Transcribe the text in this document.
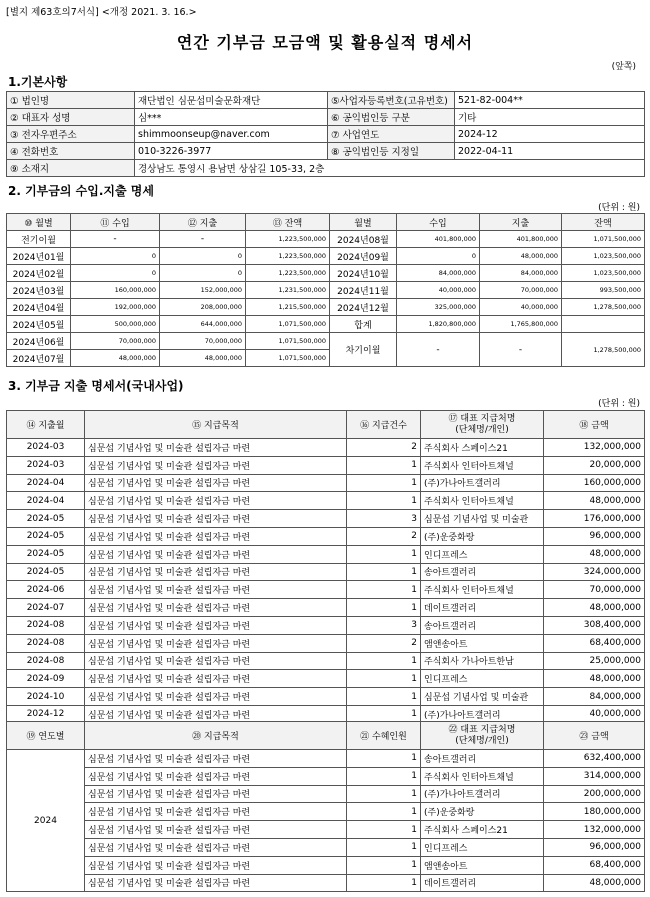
[별지 제63호의7서식] <개정 2021. 3. 16.>
연간 기부금 모금액 및 활용실적 명세서
(앞쪽)
1.기본사항
① 법인명	재단법인 심문섭미술문화재단	⑤사업자등록번호(고유번호)	521-82-004**
② 대표자 성명	심***	⑥ 공익법인등 구분	기타
③ 전자우편주소	shimmoonseup@naver.com	⑦ 사업연도	2024-12
④ 전화번호	010-3226-3977	⑧ 공익법인등 지정일	2022-04-11
⑨ 소재지	경상남도 통영시 용남면 상삼길 105-33, 2층		
2. 기부금의 수입.지출 명세
(단위 : 원)
⑩ 월별	⑪ 수입	⑫ 지출	⑬ 잔액	월별	수입	지출	잔액
전기이월	-	-	1,223,500,000	2024년08월	401,800,000	401,800,000	1,071,500,000
2024년01월	0	0	1,223,500,000	2024년09월	0	48,000,000	1,023,500,000
2024년02월	0	0	1,223,500,000	2024년10월	84,000,000	84,000,000	1,023,500,000
2024년03월	160,000,000	152,000,000	1,231,500,000	2024년11월	40,000,000	70,000,000	993,500,000
2024년04월	192,000,000	208,000,000	1,215,500,000	2024년12월	325,000,000	40,000,000	1,278,500,000
2024년05월	500,000,000	644,000,000	1,071,500,000	합계	1,820,800,000	1,765,800,000	
2024년06월	70,000,000	70,000,000	1,071,500,000	차기이월	-	-	1,278,500,000
2024년07월	48,000,000	48,000,000	1,071,500,000				
3. 기부금 지출 명세서(국내사업)
(단위 : 원)
⑭ 지출월	⑮ 지급목적	⑯ 지급건수	⑰ 대표 지급처명
(단체명/개인)	⑱ 금액
2024-03	심문섭 기념사업 및 미술관 설립자금 마련	2	주식회사 스페이스21	132,000,000
2024-03	심문섭 기념사업 및 미술관 설립자금 마련	1	주식회사 인터아트채널	20,000,000
2024-04	심문섭 기념사업 및 미술관 설립자금 마련	1	(주)가나아트갤러리	160,000,000
2024-04	심문섭 기념사업 및 미술관 설립자금 마련	1	주식회사 인터아트채널	48,000,000
2024-05	심문섭 기념사업 및 미술관 설립자금 마련	3	심문섭 기념사업 및 미술관	176,000,000
2024-05	심문섭 기념사업 및 미술관 설립자금 마련	2	(주)운중화랑	96,000,000
2024-05	심문섭 기념사업 및 미술관 설립자금 마련	1	인디프레스	48,000,000
2024-05	심문섭 기념사업 및 미술관 설립자금 마련	1	송아트갤러리	324,000,000
2024-06	심문섭 기념사업 및 미술관 설립자금 마련	1	주식회사 인터아트채널	70,000,000
2024-07	심문섭 기념사업 및 미술관 설립자금 마련	1	데이트갤러리	48,000,000
2024-08	심문섭 기념사업 및 미술관 설립자금 마련	3	송아트갤러리	308,400,000
2024-08	심문섭 기념사업 및 미술관 설립자금 마련	2	앰앤송아트	68,400,000
2024-08	심문섭 기념사업 및 미술관 설립자금 마련	1	주식회사 가나아트한남	25,000,000
2024-09	심문섭 기념사업 및 미술관 설립자금 마련	1	인디프레스	48,000,000
2024-10	심문섭 기념사업 및 미술관 설립자금 마련	1	심문섭 기념사업 및 미술관	84,000,000
2024-12	심문섭 기념사업 및 미술관 설립자금 마련	1	(주)가나아트갤러리	40,000,000
⑲ 연도별	⑳ 지급목적	㉑ 수혜인원	㉒ 대표 지급처명
(단체명/개인)	㉓ 금액
2024	심문섭 기념사업 및 미술관 설립자금 마련	1	송아트갤러리	632,400,000
	심문섭 기념사업 및 미술관 설립자금 마련	1	주식회사 인터아트채널	314,000,000
	심문섭 기념사업 및 미술관 설립자금 마련	1	(주)가나아트갤러리	200,000,000
	심문섭 기념사업 및 미술관 설립자금 마련	1	(주)운중화랑	180,000,000
	심문섭 기념사업 및 미술관 설립자금 마련	1	주식회사 스페이스21	132,000,000
	심문섭 기념사업 및 미술관 설립자금 마련	1	인디프레스	96,000,000
	심문섭 기념사업 및 미술관 설립자금 마련	1	앰앤송아트	68,400,000
	심문섭 기념사업 및 미술관 설립자금 마련	1	데이트갤러리	48,000,000
